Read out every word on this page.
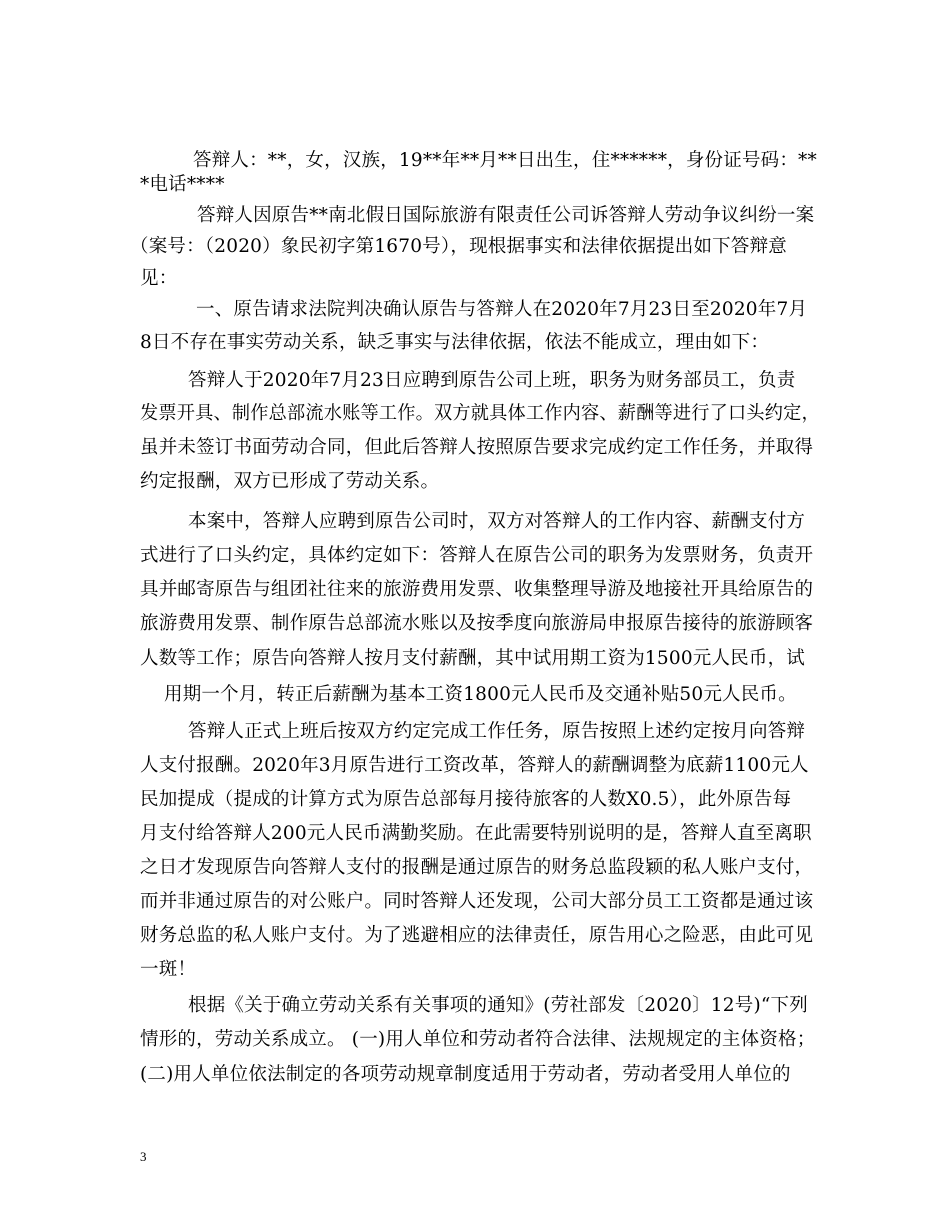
答辩人：**，女，汉族，19**年**月**日出生，住******，身份证号码：**
*电话****
答辩人因原告**南北假日国际旅游有限责任公司诉答辩人劳动争议纠纷一案
（案号：（2020）象民初字第1670号），现根据事实和法律依据提出如下答辩意
见：
一、原告请求法院判决确认原告与答辩人在2020年7月23日至2020年7月
8日不存在事实劳动关系，缺乏事实与法律依据，依法不能成立，理由如下：
答辩人于2020年7月23日应聘到原告公司上班，职务为财务部员工，负责
发票开具、制作总部流水账等工作。双方就具体工作内容、薪酬等进行了口头约定，
虽并未签订书面劳动合同，但此后答辩人按照原告要求完成约定工作任务，并取得
约定报酬，双方已形成了劳动关系。
本案中，答辩人应聘到原告公司时，双方对答辩人的工作内容、薪酬支付方
式进行了口头约定，具体约定如下：答辩人在原告公司的职务为发票财务，负责开
具并邮寄原告与组团社往来的旅游费用发票、收集整理导游及地接社开具给原告的
旅游费用发票、制作原告总部流水账以及按季度向旅游局申报原告接待的旅游顾客
人数等工作；原告向答辩人按月支付薪酬，其中试用期工资为1500元人民币，试
用期一个月，转正后薪酬为基本工资1800元人民币及交通补贴50元人民币。
答辩人正式上班后按双方约定完成工作任务，原告按照上述约定按月向答辩
人支付报酬。2020年3月原告进行工资改革，答辩人的薪酬调整为底薪1100元人
民加提成（提成的计算方式为原告总部每月接待旅客的人数X0.5），此外原告每
月支付给答辩人200元人民币满勤奖励。在此需要特别说明的是，答辩人直至离职
之日才发现原告向答辩人支付的报酬是通过原告的财务总监段颖的私人账户支付，
而并非通过原告的对公账户。同时答辩人还发现，公司大部分员工工资都是通过该
财务总监的私人账户支付。为了逃避相应的法律责任，原告用心之险恶，由此可见
一斑！
根据《关于确立劳动关系有关事项的通知》(劳社部发〔2020〕12号)“下列
情形的，劳动关系成立。 (一)用人单位和劳动者符合法律、法规规定的主体资格；
(二)用人单位依法制定的各项劳动规章制度适用于劳动者，劳动者受用人单位的
3
